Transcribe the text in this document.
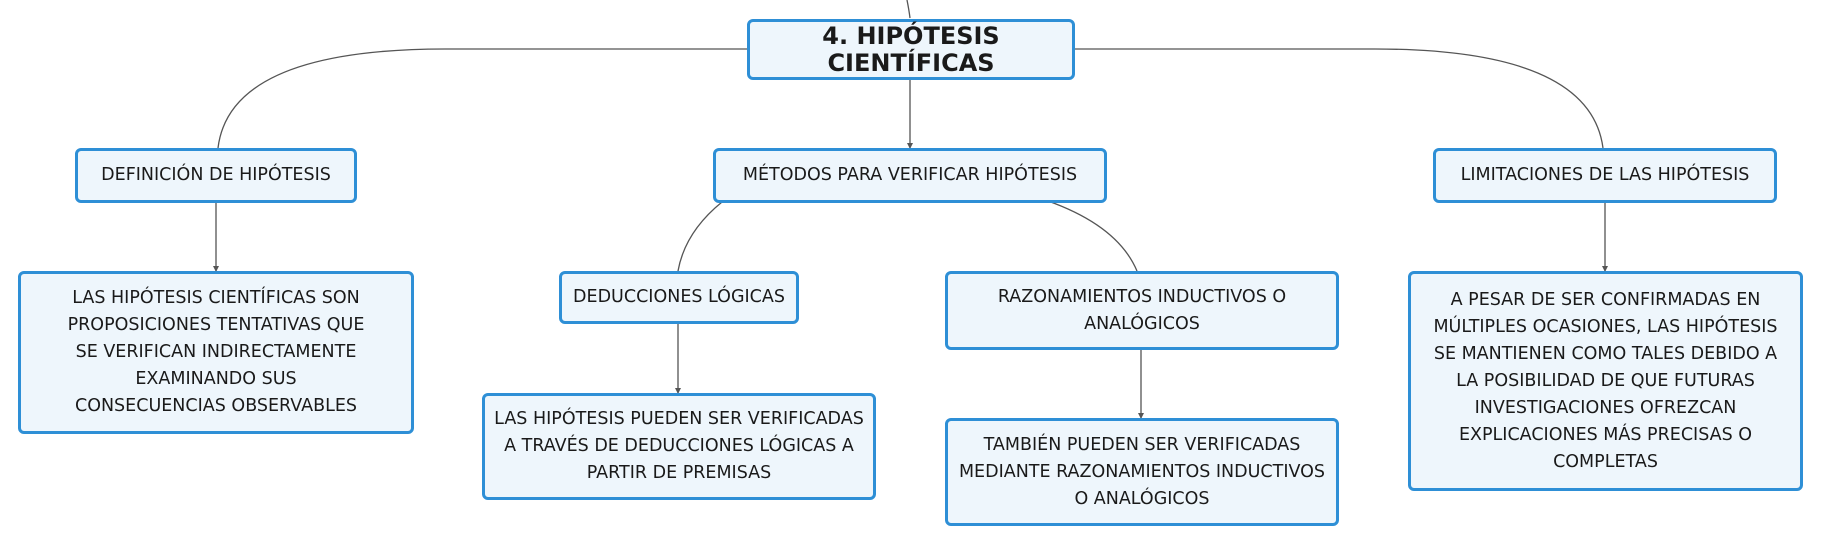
4. HIPÓTESIS CIENTÍFICAS
DEFINICIÓN DE HIPÓTESIS	MÉTODOS PARA VERIFICAR HIPÓTESIS	LIMITACIONES DE LAS HIPÓTESIS
LAS HIPÓTESIS CIENTÍFICAS SON PROPOSICIONES TENTATIVAS QUE SE VERIFICAN INDIRECTAMENTE EXAMINANDO SUS CONSECUENCIAS OBSERVABLES
DEDUCCIONES LÓGICAS	RAZONAMIENTOS INDUCTIVOS O ANALÓGICOS
A PESAR DE SER CONFIRMADAS EN MÚLTIPLES OCASIONES, LAS HIPÓTESIS SE MANTIENEN COMO TALES DEBIDO A LA POSIBILIDAD DE QUE FUTURAS INVESTIGACIONES OFREZCAN EXPLICACIONES MÁS PRECISAS O COMPLETAS
LAS HIPÓTESIS PUEDEN SER VERIFICADAS A TRAVÉS DE DEDUCCIONES LÓGICAS A PARTIR DE PREMISAS
TAMBIÉN PUEDEN SER VERIFICADAS MEDIANTE RAZONAMIENTOS INDUCTIVOS O ANALÓGICOS
